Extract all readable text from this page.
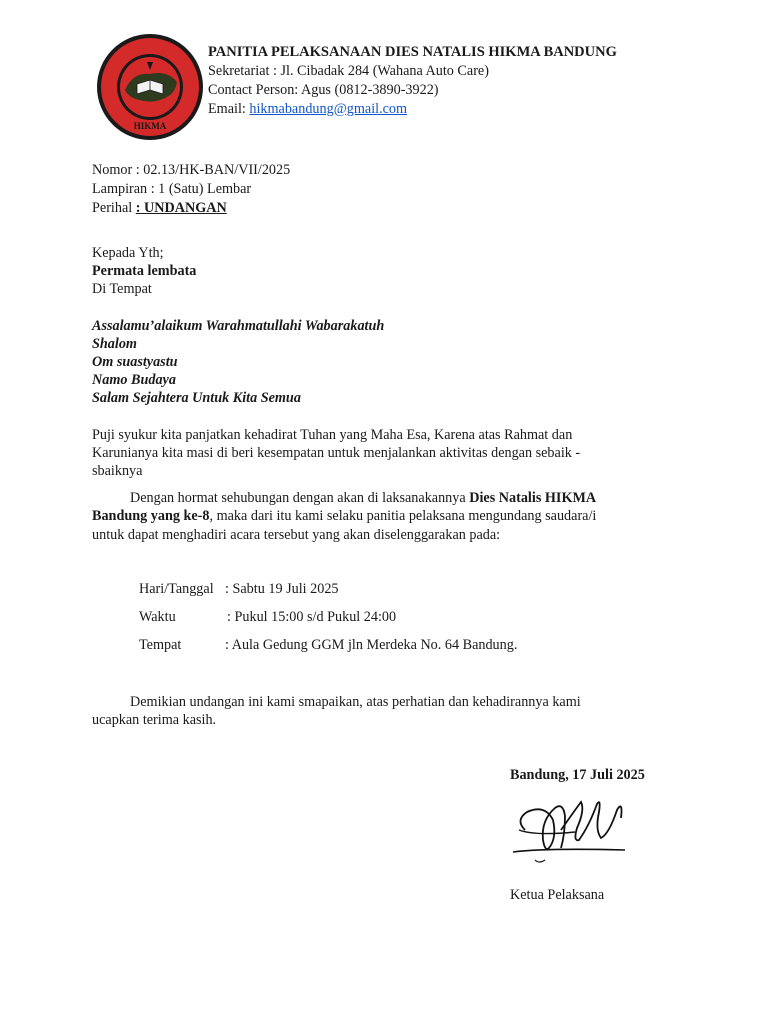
HIKMA
PANITIA PELAKSANAAN DIES NATALIS HIKMA BANDUNG
Sekretariat : Jl. Cibadak 284 (Wahana Auto Care)
Contact Person: Agus (0812-3890-3922)
Email: hikmabandung@gmail.com
Nomor : 02.13/HK-BAN/VII/2025
Lampiran : 1 (Satu) Lembar
Perihal : UNDANGAN
Kepada Yth;
Permata lembata
Di Tempat
Assalamu’alaikum Warahmatullahi Wabarakatuh
Shalom
Om suastyastu
Namo Budaya
Salam Sejahtera Untuk Kita Semua
Puji syukur kita panjatkan kehadirat Tuhan yang Maha Esa, Karena atas Rahmat dan
Karunianya kita masi di beri kesempatan untuk menjalankan aktivitas dengan sebaik -
sbaiknya
Dengan hormat sehubungan dengan akan di laksanakannya Dies Natalis HIKMA
Bandung yang ke-8, maka dari itu kami selaku panitia pelaksana mengundang saudara/i
untuk dapat menghadiri acara tersebut yang akan diselenggarakan pada:
Hari/Tanggal : Sabtu 19 Juli 2025
Waktu	: Pukul 15:00 s/d Pukul 24:00
Tempat	: Aula Gedung GGM jln Merdeka No. 64 Bandung.
Demikian undangan ini kami smapaikan, atas perhatian dan kehadirannya kami
ucapkan terima kasih.
Bandung, 17 Juli 2025
Ketua Pelaksana
